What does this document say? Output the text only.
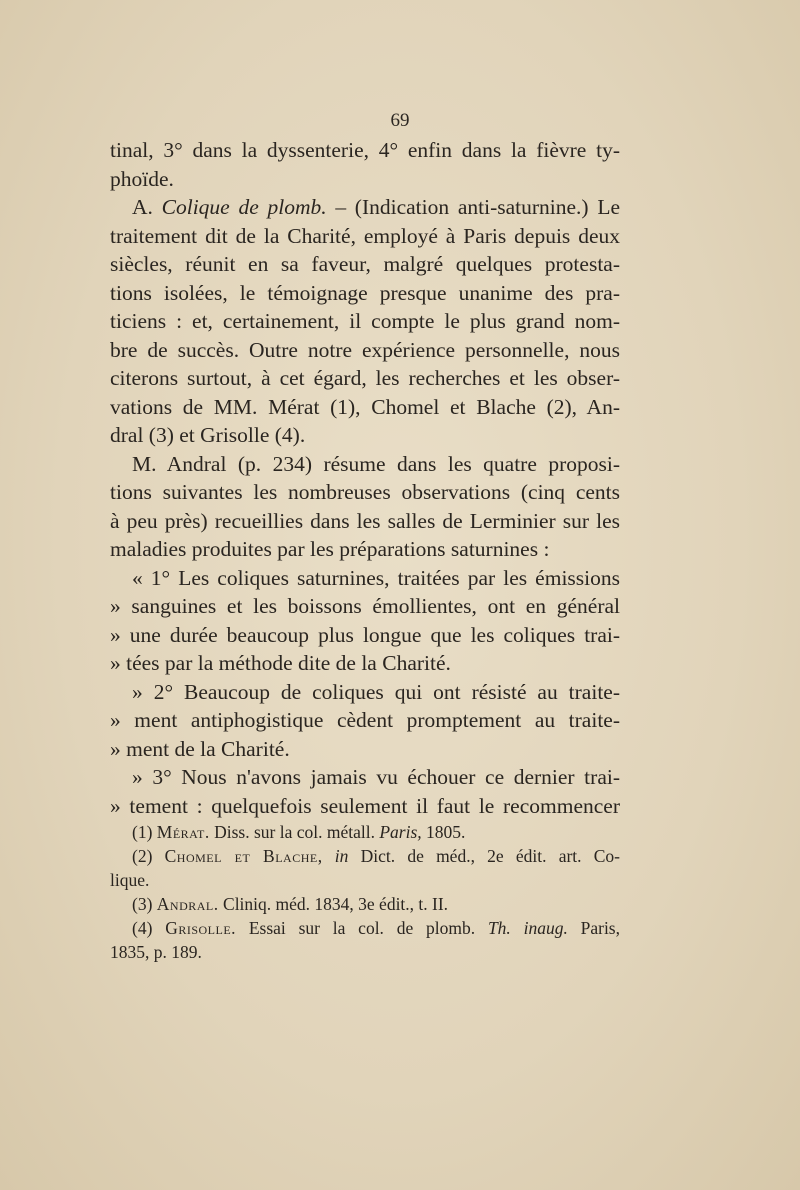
69
tinal, 3° dans la dyssenterie, 4° enfin dans la fièvre ty-
phoïde.
A. Colique de plomb. – (Indication anti-saturnine.) Le
traitement dit de la Charité, employé à Paris depuis deux
siècles, réunit en sa faveur, malgré quelques protesta-
tions isolées, le témoignage presque unanime des pra-
ticiens : et, certainement, il compte le plus grand nom-
bre de succès. Outre notre expérience personnelle, nous
citerons surtout, à cet égard, les recherches et les obser-
vations de MM. Mérat (1), Chomel et Blache (2), An-
dral (3) et Grisolle (4).
M. Andral (p. 234) résume dans les quatre proposi-
tions suivantes les nombreuses observations (cinq cents
à peu près) recueillies dans les salles de Lerminier sur les
maladies produites par les préparations saturnines :
« 1° Les coliques saturnines, traitées par les émissions
» sanguines et les boissons émollientes, ont en général
» une durée beaucoup plus longue que les coliques trai-
» tées par la méthode dite de la Charité.
» 2° Beaucoup de coliques qui ont résisté au traite-
» ment antiphogistique cèdent promptement au traite-
» ment de la Charité.
» 3° Nous n'avons jamais vu échouer ce dernier trai-
» tement : quelquefois seulement il faut le recommencer
(1) Mérat. Diss. sur la col. métall. Paris, 1805.
(2) Chomel et Blache, in Dict. de méd., 2e édit. art. Co-
lique.
(3) Andral. Cliniq. méd. 1834, 3e édit., t. II.
(4) Grisolle. Essai sur la col. de plomb. Th. inaug. Paris,
1835, p. 189.
